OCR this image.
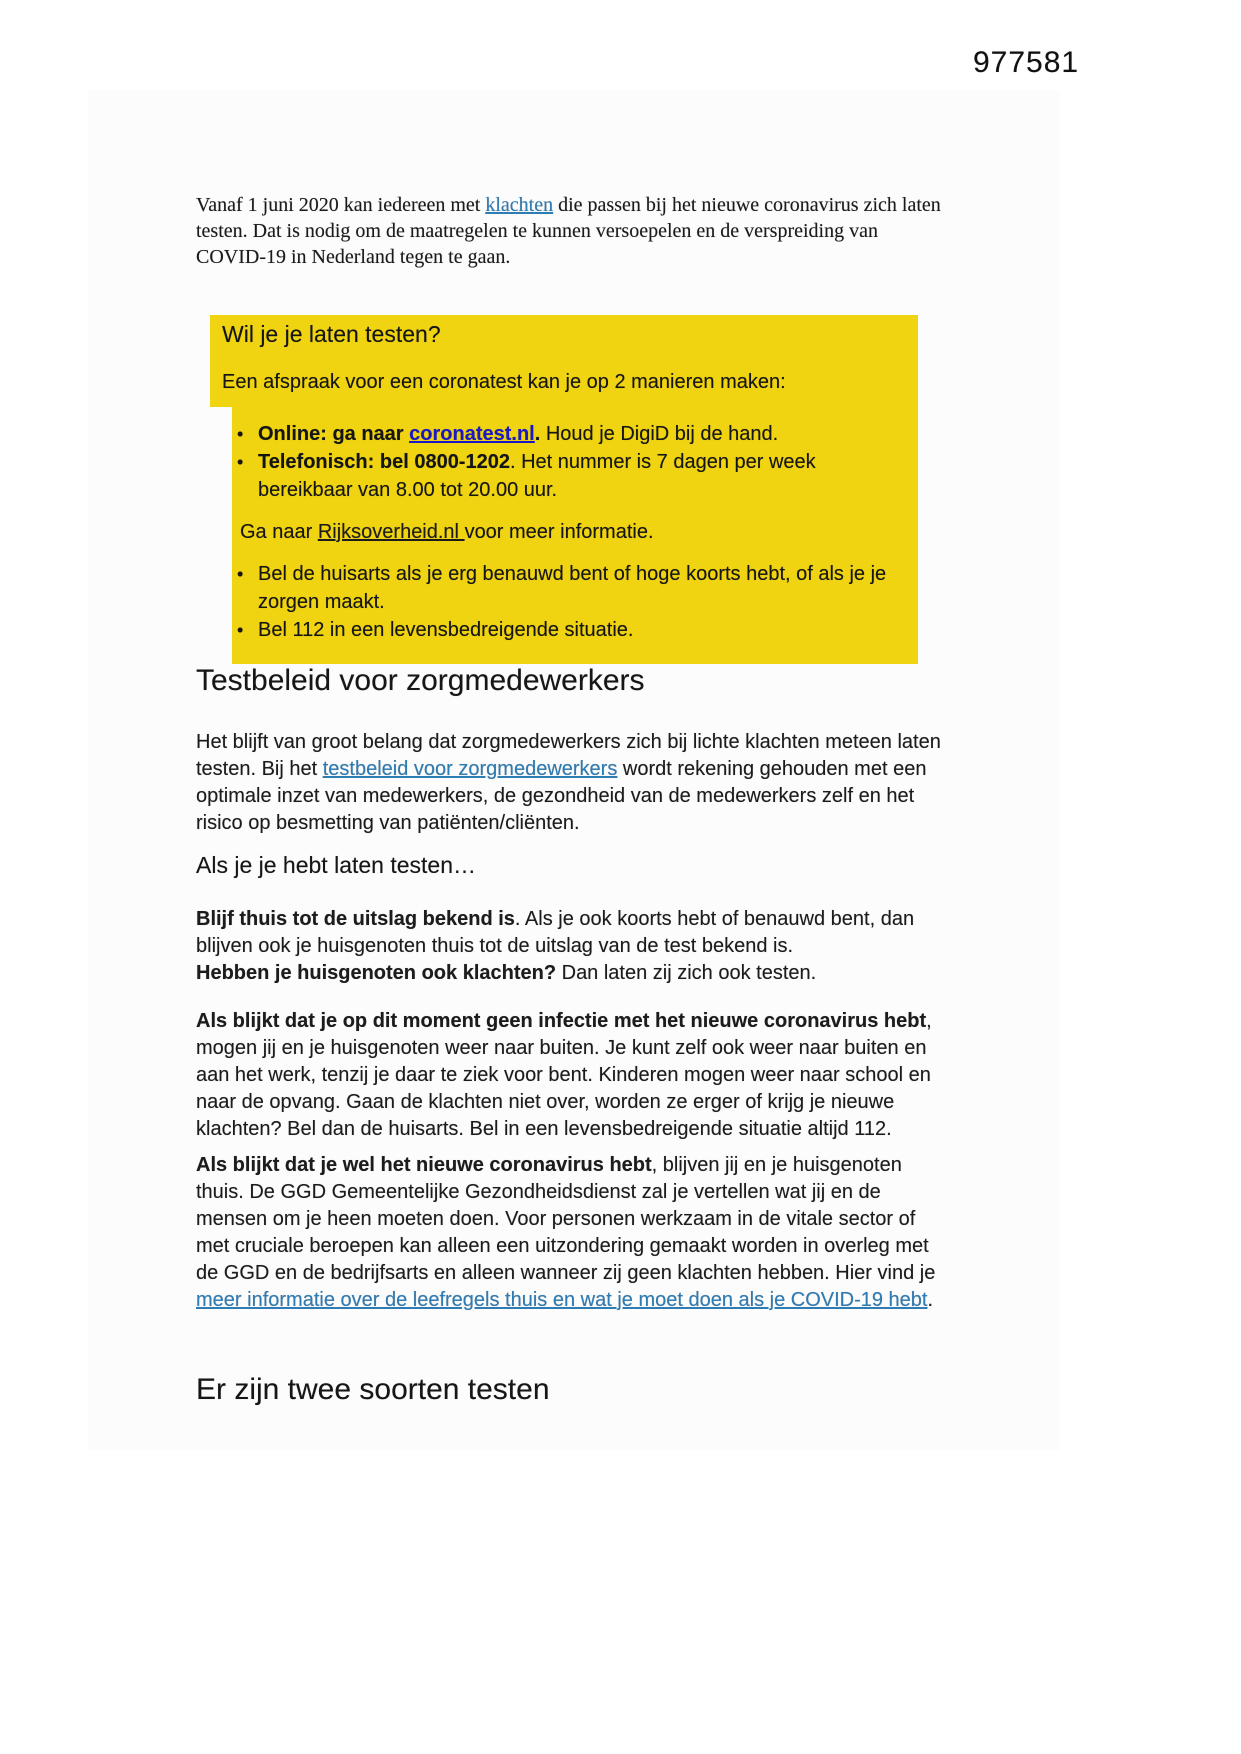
977581
Vanaf 1 juni 2020 kan iedereen met klachten die passen bij het nieuwe coronavirus zich laten testen. Dat is nodig om de maatregelen te kunnen versoepelen en de verspreiding van COVID-19 in Nederland tegen te gaan.
Wil je je laten testen?
Een afspraak voor een coronatest kan je op 2 manieren maken:
• Online: ga naar coronatest.nl. Houd je DigiD bij de hand.
• Telefonisch: bel 0800-1202. Het nummer is 7 dagen per week bereikbaar van 8.00 tot 20.00 uur.
Ga naar Rijksoverheid.nl voor meer informatie.
• Bel de huisarts als je erg benauwd bent of hoge koorts hebt, of als je je zorgen maakt.
• Bel 112 in een levensbedreigende situatie.
Testbeleid voor zorgmedewerkers
Het blijft van groot belang dat zorgmedewerkers zich bij lichte klachten meteen laten testen. Bij het testbeleid voor zorgmedewerkers wordt rekening gehouden met een optimale inzet van medewerkers, de gezondheid van de medewerkers zelf en het risico op besmetting van patiënten/cliënten.
Als je je hebt laten testen…
Blijf thuis tot de uitslag bekend is. Als je ook koorts hebt of benauwd bent, dan blijven ook je huisgenoten thuis tot de uitslag van de test bekend is.
Hebben je huisgenoten ook klachten? Dan laten zij zich ook testen.
Als blijkt dat je op dit moment geen infectie met het nieuwe coronavirus hebt, mogen jij en je huisgenoten weer naar buiten. Je kunt zelf ook weer naar buiten en aan het werk, tenzij je daar te ziek voor bent. Kinderen mogen weer naar school en naar de opvang. Gaan de klachten niet over, worden ze erger of krijg je nieuwe klachten? Bel dan de huisarts. Bel in een levensbedreigende situatie altijd 112.
Als blijkt dat je wel het nieuwe coronavirus hebt, blijven jij en je huisgenoten thuis. De GGD Gemeentelijke Gezondheidsdienst zal je vertellen wat jij en de mensen om je heen moeten doen. Voor personen werkzaam in de vitale sector of met cruciale beroepen kan alleen een uitzondering gemaakt worden in overleg met de GGD en de bedrijfsarts en alleen wanneer zij geen klachten hebben. Hier vind je meer informatie over de leefregels thuis en wat je moet doen als je COVID-19 hebt.
Er zijn twee soorten testen
